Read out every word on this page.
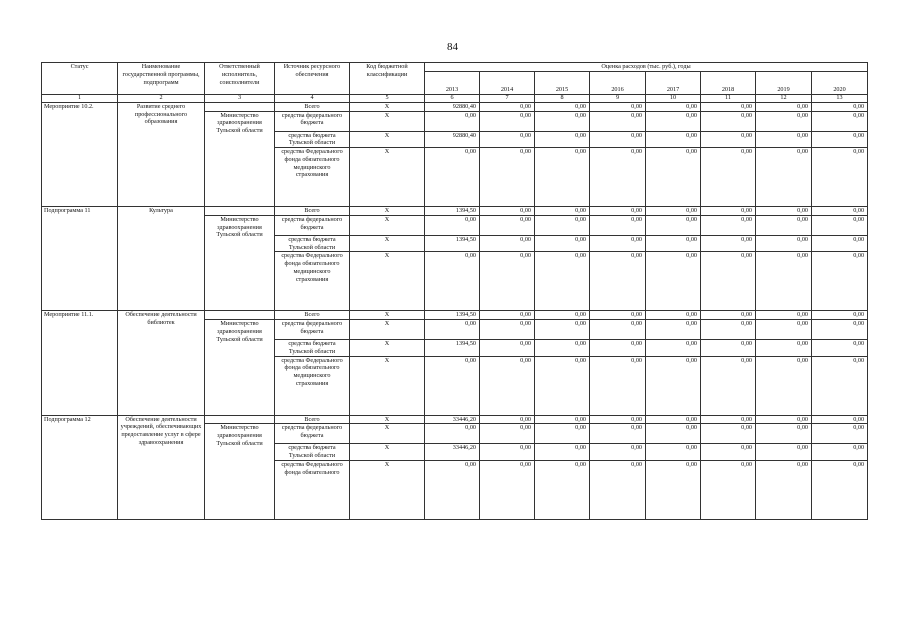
84
Статус	Наименование государственной программы, подпрограмм	Ответственный исполнитель, соисполнители	Источник ресурсного обеспечения	Код бюджетной классификации	Оценка расходов (тыс. руб.), годы							
					2013	2014	2015	2016	2017	2018	2019	2020
1	2	3	4	5	6	7	8	9	10	11	12	13
Мероприятие 10.2.	Развитие среднего профессионального образования		Всего	X	92880,40	0,00	0,00	0,00	0,00	0,00	0,00	0,00
		Министерство здравоохранения Тульской области	средства федерального бюджета	X	0,00	0,00	0,00	0,00	0,00	0,00	0,00	0,00
			средства бюджета Тульской области	X	92880,40	0,00	0,00	0,00	0,00	0,00	0,00	0,00
			средства Федерального фонда обязательного медицинского страхования	X	0,00	0,00	0,00	0,00	0,00	0,00	0,00	0,00
Подпрограмма 11	Культура		Всего	X	1394,50	0,00	0,00	0,00	0,00	0,00	0,00	0,00
		Министерство здравоохранения Тульской области	средства федерального бюджета	X	0,00	0,00	0,00	0,00	0,00	0,00	0,00	0,00
			средства бюджета Тульской области	X	1394,50	0,00	0,00	0,00	0,00	0,00	0,00	0,00
			средства Федерального фонда обязательного медицинского страхования	X	0,00	0,00	0,00	0,00	0,00	0,00	0,00	0,00
Мероприятие 11.1.	Обеспечение деятельности библиотек		Всего	X	1394,50	0,00	0,00	0,00	0,00	0,00	0,00	0,00
		Министерство здравоохранения Тульской области	средства федерального бюджета	X	0,00	0,00	0,00	0,00	0,00	0,00	0,00	0,00
			средства бюджета Тульской области	X	1394,50	0,00	0,00	0,00	0,00	0,00	0,00	0,00
			средства Федерального фонда обязательного медицинского страхования	X	0,00	0,00	0,00	0,00	0,00	0,00	0,00	0,00
Подпрограмма 12	Обеспечение деятельности учреждений, обеспечивающих предоставление услуг в сфере здравоохранения		Всего	X	33446,20	0,00	0,00	0,00	0,00	0,00	0,00	0,00
		Министерство здравоохранения Тульской области	средства федерального бюджета	X	0,00	0,00	0,00	0,00	0,00	0,00	0,00	0,00
			средства бюджета Тульской области	X	33446,20	0,00	0,00	0,00	0,00	0,00	0,00	0,00
			средства Федерального фонда обязательного	X	0,00	0,00	0,00	0,00	0,00	0,00	0,00	0,00
